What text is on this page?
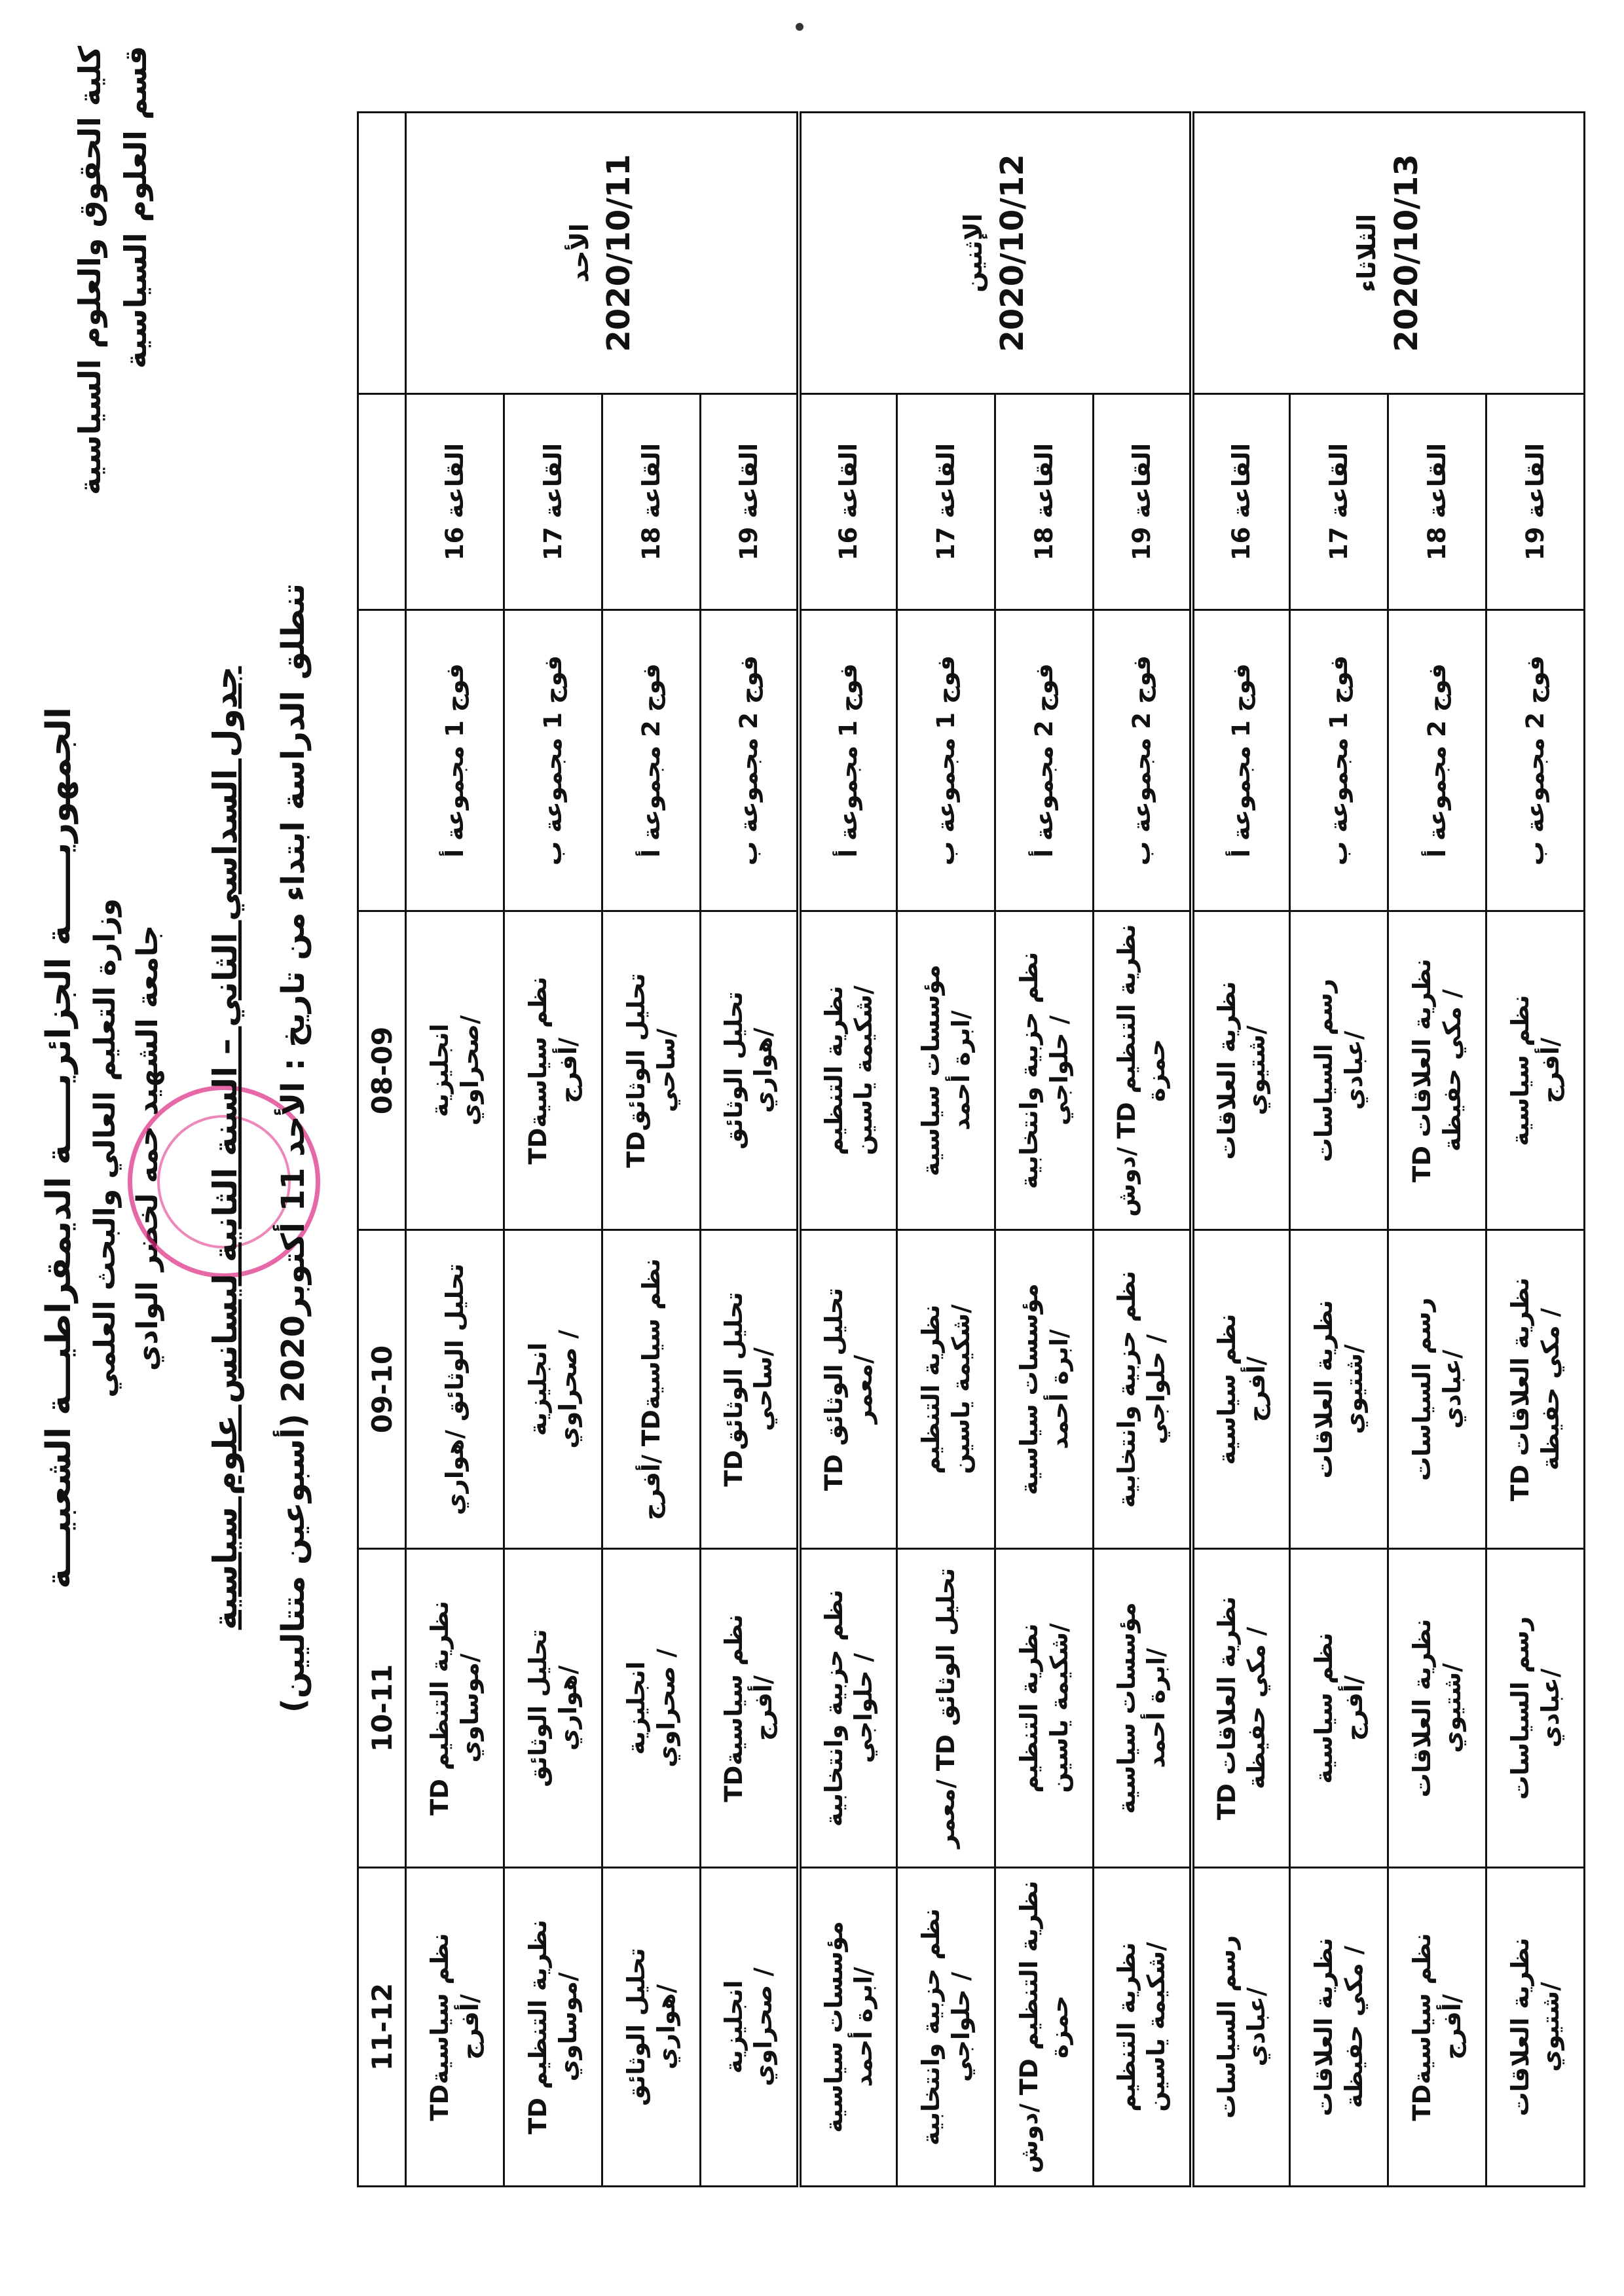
الجمهوريــــــة الجزائريـــــة الديمقراطيـــة الشعبيـــة وزارة التعليم العالي والبحث العلمي جامعة الشهيد حمه لخضر الوادي
كلية الحقوق والعلوم السياسية قسم العلوم السياسية
جدول السداسي الثاني – السنة الثانية ليسانس علوم سياسية تنطلق الدراسة ابتداء من تاريخ : الأحد 11 أكتوبر2020 (أسبوعين متتاليين)
			08-09	09-10	10-11	11-12

الأحد 2020/10/11	القاعة 16	فوج 1 مجموعة أ	انجليزية /صحراوي	تحليل الوثائق /هواري	نظرية التنظيم TD /موساوي	نظم سياسيةTD /أفرج

	القاعة 17	فوج 1 مجموعة ب	نظم سياسيةTD /أفرج	انجليزية / صحراوي	تحليل الوثائق /هواري	نظرية التنظيم TD /موساوي

	القاعة 18	فوج 2 مجموعة أ	تحليل الوثائقTD /ساحي	نظم سياسيةTD /أفرج	انجليزية / صحراوي	تحليل الوثائق /هواري

	القاعة 19	فوج 2 مجموعة ب	تحليل الوثائق /هواري	تحليل الوثائقTD /ساحي	نظم سياسيةTD /أفرج	انجليزية / صحراوي

الإثنين 2020/10/12	القاعة 16	فوج 1 مجموعة أ	نظرية التنظيم /شكيمة ياسين	تحليل الوثائق TD /معمر	نظم حزبية وانتخابية / حلواجي	مؤسسات سياسية /ابرة أحمد

	القاعة 17	فوج 1 مجموعة ب	مؤسسات سياسية /ابرة أحمد	نظرية التنظيم /شكيمة ياسين	تحليل الوثائق TD /معمر	نظم حزبية وانتخابية / حلواجي

	القاعة 18	فوج 2 مجموعة أ	نظم حزبية وانتخابية / حلواجي	مؤسسات سياسية /ابرة أحمد	نظرية التنظيم /شكيمة ياسين	نظرية التنظيم TD /دوش حمزة

	القاعة 19	فوج 2 مجموعة ب	نظرية التنظيم TD /دوش حمزة	نظم حزبية وانتخابية / حلواجي	مؤسسات سياسية /ابرة أحمد	نظرية التنظيم /شكيمة ياسين

الثلاثاء 2020/10/13	القاعة 16	فوج 1 مجموعة أ	نظرية العلاقات /شتيوي	نظم سياسية /أفرج	نظرية العلاقات TD / مكي حفيظة	رسم السياسات /عبادي

	القاعة 17	فوج 1 مجموعة ب	رسم السياسات /عبادي	نظرية العلاقات /شتيوي	نظم سياسية /أفرج	نظرية العلاقات / مكي حفيظة

	القاعة 18	فوج 2 مجموعة أ	نظرية العلاقات TD / مكي حفيظة	رسم السياسات /عبادي	نظرية العلاقات /شتيوي	نظم سياسيةTD /أفرج

	القاعة 19	فوج 2 مجموعة ب	نظم سياسية /أفرج	نظرية العلاقات TD / مكي حفيظة	رسم السياسات /عبادي	نظرية العلاقات /شتيوي
